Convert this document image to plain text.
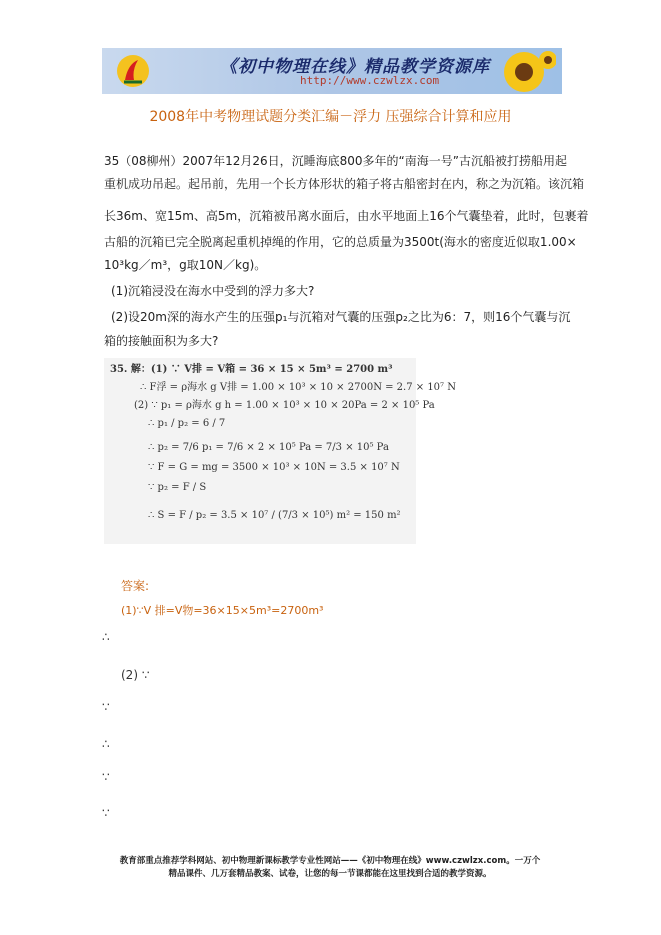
《初中物理在线》精品教学资源库
http://www.czwlzx.com
2008年中考物理试题分类汇编－浮力 压强综合计算和应用
35（08柳州）2007年12月26日，沉睡海底800多年的“南海一号”古沉船被打捞船用起
重机成功吊起。起吊前，先用一个长方体形状的箱子将古船密封在内，称之为沉箱。该沉箱
长36m、宽15m、高5m，沉箱被吊离水面后，由水平地面上16个气囊垫着，此时，包裹着
古船的沉箱已完全脱离起重机掉绳的作用，它的总质量为3500t(海水的密度近似取1.00×
10³kg／m³，g取10N／kg)。
(1)沉箱浸没在海水中受到的浮力多大?
(2)设20m深的海水产生的压强p₁与沉箱对气囊的压强p₂之比为6：7，则16个气囊与沉
箱的接触面积为多大?
35. 解：(1) ∵ V排 = V箱 = 36 × 15 × 5m³ = 2700 m³
∴ F浮 = ρ海水 g V排 = 1.00 × 10³ × 10 × 2700N = 2.7 × 10⁷ N
(2) ∵ p₁ = ρ海水 g h = 1.00 × 10³ × 10 × 20Pa = 2 × 10⁵ Pa
∴ p₁ / p₂ = 6 / 7
∴ p₂ = 7/6 p₁ = 7/6 × 2 × 10⁵ Pa = 7/3 × 10⁵ Pa
∵ F = G = mg = 3500 × 10³ × 10N = 3.5 × 10⁷ N
∵ p₂ = F / S
∴ S = F / p₂ = 3.5 × 10⁷ / (7/3 × 10⁵) m² = 150 m²
答案:
(1)∵V 排=V物=36×15×5m³=2700m³
∴
(2) ∵
∵
∴
∵
∵
教育部重点推荐学科网站、初中物理新课标教学专业性网站——《初中物理在线》www.czwlzx.com。一万个
精品课件、几万套精品教案、试卷，让您的每一节课都能在这里找到合适的教学资源。
